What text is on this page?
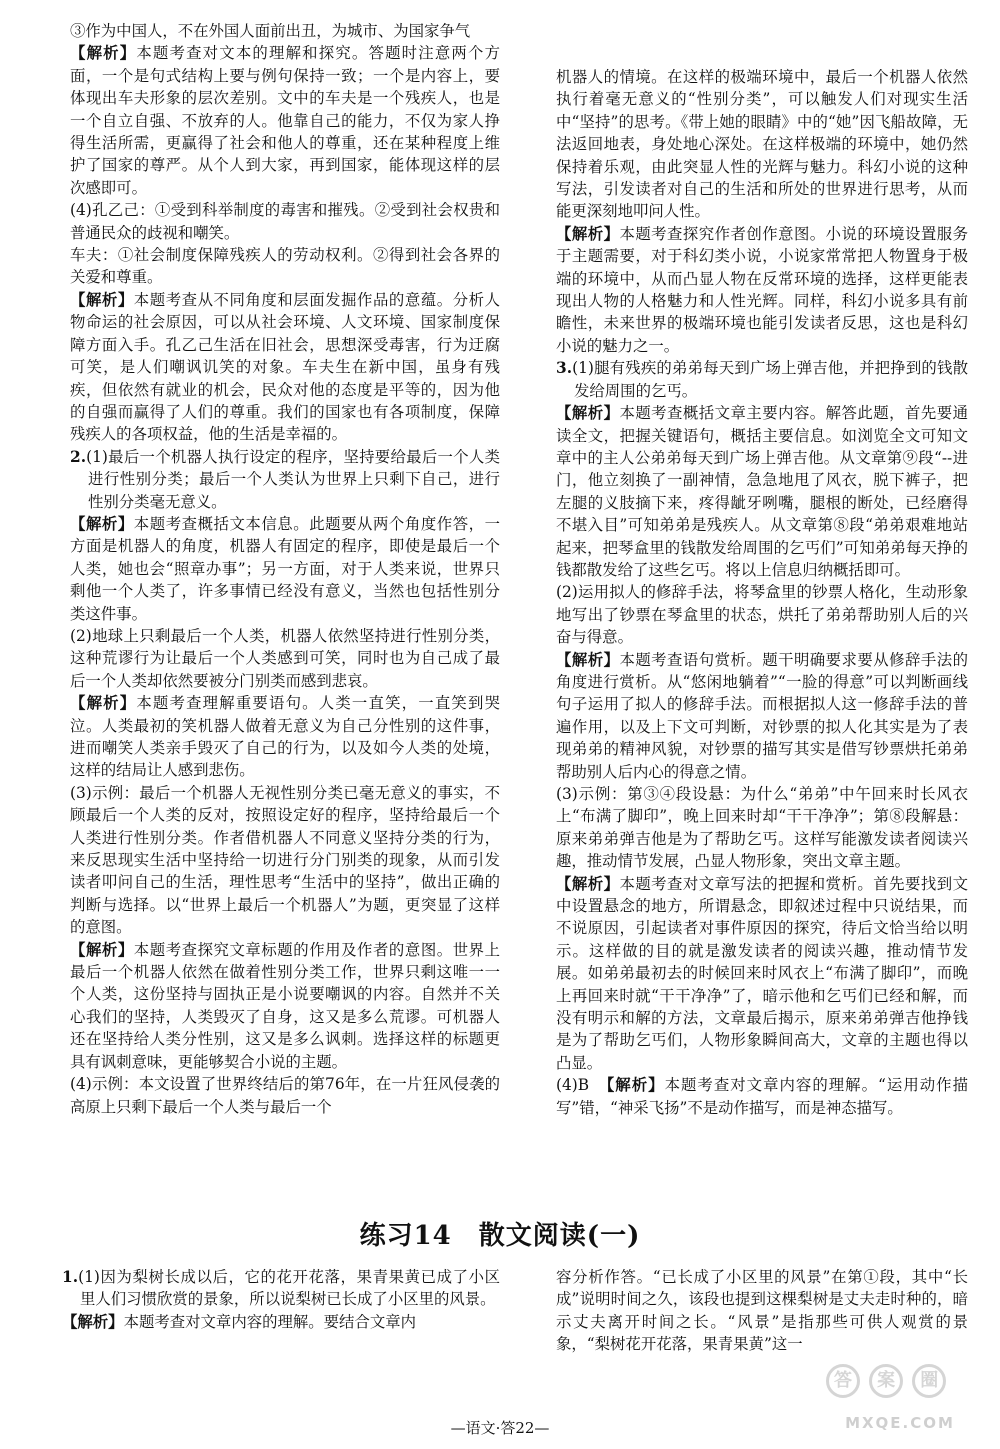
③作为中国人，不在外国人面前出丑，为城市、为国家争气
【解析】本题考查对文本的理解和探究。答题时注意两个方面，一个是句式结构上要与例句保持一致；一个是内容上，要体现出车夫形象的层次差别。文中的车夫是一个残疾人，也是一个自立自强、不放弃的人。他靠自己的能力，不仅为家人挣得生活所需，更赢得了社会和他人的尊重，还在某种程度上维护了国家的尊严。从个人到大家，再到国家，能体现这样的层次感即可。
(4)孔乙己：①受到科举制度的毒害和摧残。②受到社会权贵和普通民众的歧视和嘲笑。
车夫：①社会制度保障残疾人的劳动权利。②得到社会各界的关爱和尊重。
【解析】本题考查从不同角度和层面发掘作品的意蕴。分析人物命运的社会原因，可以从社会环境、人文环境、国家制度保障方面入手。孔乙己生活在旧社会，思想深受毒害，行为迂腐可笑，是人们嘲讽讥笑的对象。车夫生在新中国，虽身有残疾，但依然有就业的机会，民众对他的态度是平等的，因为他的自强而赢得了人们的尊重。我们的国家也有各项制度，保障残疾人的各项权益，他的生活是幸福的。
2.(1)最后一个机器人执行设定的程序，坚持要给最后一个人类进行性别分类；最后一个人类认为世界上只剩下自己，进行性别分类毫无意义。
【解析】本题考查概括文本信息。此题要从两个角度作答，一方面是机器人的角度，机器人有固定的程序，即使是最后一个人类，她也会“照章办事”；另一方面，对于人类来说，世界只剩他一个人类了，许多事情已经没有意义，当然也包括性别分类这件事。
(2)地球上只剩最后一个人类，机器人依然坚持进行性别分类，这种荒谬行为让最后一个人类感到可笑，同时也为自己成了最后一个人类却依然要被分门别类而感到悲哀。
【解析】本题考查理解重要语句。人类一直笑，一直笑到哭泣。人类最初的笑机器人做着无意义为自己分性别的这件事，进而嘲笑人类亲手毁灭了自己的行为，以及如今人类的处境，这样的结局让人感到悲伤。
(3)示例：最后一个机器人无视性别分类已毫无意义的事实，不顾最后一个人类的反对，按照设定好的程序，坚持给最后一个人类进行性别分类。作者借机器人不同意义坚持分类的行为，来反思现实生活中坚持给一切进行分门别类的现象，从而引发读者叩问自己的生活，理性思考“生活中的坚持”，做出正确的判断与选择。以“世界上最后一个机器人”为题，更突显了这样的意图。
【解析】本题考查探究文章标题的作用及作者的意图。世界上最后一个机器人依然在做着性别分类工作，世界只剩这唯一一个人类，这份坚持与固执正是小说要嘲讽的内容。自然并不关心我们的坚持，人类毁灭了自身，这又是多么荒谬。可机器人还在坚持给人类分性别，这又是多么讽刺。选择这样的标题更具有讽刺意味，更能够契合小说的主题。
(4)示例：本文设置了世界终结后的第76年，在一片狂风侵袭的高原上只剩下最后一个人类与最后一个
机器人的情境。在这样的极端环境中，最后一个机器人依然执行着毫无意义的“性别分类”，可以触发人们对现实生活中“坚持”的思考。《带上她的眼睛》中的“她”因飞船故障，无法返回地表，身处地心深处。在这样极端的环境中，她仍然保持着乐观，由此突显人性的光辉与魅力。科幻小说的这种写法，引发读者对自己的生活和所处的世界进行思考，从而能更深刻地叩问人性。
【解析】本题考查探究作者创作意图。小说的环境设置服务于主题需要，对于科幻类小说，小说家常常把人物置身于极端的环境中，从而凸显人物在反常环境的选择，这样更能表现出人物的人格魅力和人性光辉。同样，科幻小说多具有前瞻性，未来世界的极端环境也能引发读者反思，这也是科幻小说的魅力之一。
3.(1)腿有残疾的弟弟每天到广场上弹吉他，并把挣到的钱散发给周围的乞丐。
【解析】本题考查概括文章主要内容。解答此题，首先要通读全文，把握关键语句，概括主要信息。如浏览全文可知文章中的主人公弟弟每天到广场上弹吉他。从文章第⑨段“--进门，他立刻换了一副神情，急急地甩了风衣，脱下裤子，把左腿的义肢摘下来，疼得龇牙咧嘴，腿根的断处，已经磨得不堪入目”可知弟弟是残疾人。从文章第⑧段“弟弟艰难地站起来，把琴盒里的钱散发给周围的乞丐们”可知弟弟每天挣的钱都散发给了这些乞丐。将以上信息归纳概括即可。
(2)运用拟人的修辞手法，将琴盒里的钞票人格化，生动形象地写出了钞票在琴盒里的状态，烘托了弟弟帮助别人后的兴奋与得意。
【解析】本题考查语句赏析。题干明确要求要从修辞手法的角度进行赏析。从“悠闲地躺着”“一脸的得意”可以判断画线句子运用了拟人的修辞手法。而根据拟人这一修辞手法的普遍作用，以及上下文可判断，对钞票的拟人化其实是为了表现弟弟的精神风貌，对钞票的描写其实是借写钞票烘托弟弟帮助别人后内心的得意之情。
(3)示例：第③④段设悬：为什么“弟弟”中午回来时长风衣上“布满了脚印”，晚上回来时却“干干净净”；第⑧段解悬：原来弟弟弹吉他是为了帮助乞丐。这样写能激发读者阅读兴趣，推动情节发展，凸显人物形象，突出文章主题。
【解析】本题考查对文章写法的把握和赏析。首先要找到文中设置悬念的地方，所谓悬念，即叙述过程中只说结果，而不说原因，引起读者对事件原因的探究，待后文恰当给以明示。这样做的目的就是激发读者的阅读兴趣，推动情节发展。如弟弟最初去的时候回来时风衣上“布满了脚印”，而晚上再回来时就“干干净净”了，暗示他和乞丐们已经和解，而没有明示和解的方法，文章最后揭示，原来弟弟弹吉他挣钱是为了帮助乞丐们，人物形象瞬间高大，文章的主题也得以凸显。
(4)B　 【解析】本题考查对文章内容的理解。“运用动作描写”错，“神采飞扬”不是动作描写，而是神态描写。
练习14　散文阅读(一)
1.(1)因为梨树长成以后，它的花开花落，果青果黄已成了小区里人们习惯欣赏的景象，所以说梨树已长成了小区里的风景。
【解析】本题考查对文章内容的理解。要结合文章内
容分析作答。“已长成了小区里的风景”在第①段，其中“长成”说明时间之久，该段也提到这棵梨树是丈夫走时种的，暗示丈夫离开时间之长。“风景”是指那些可供人观赏的景象，“梨树花开花落，果青果黄”这一
—语文·答22—
答 案 圈
MXQE.COM
